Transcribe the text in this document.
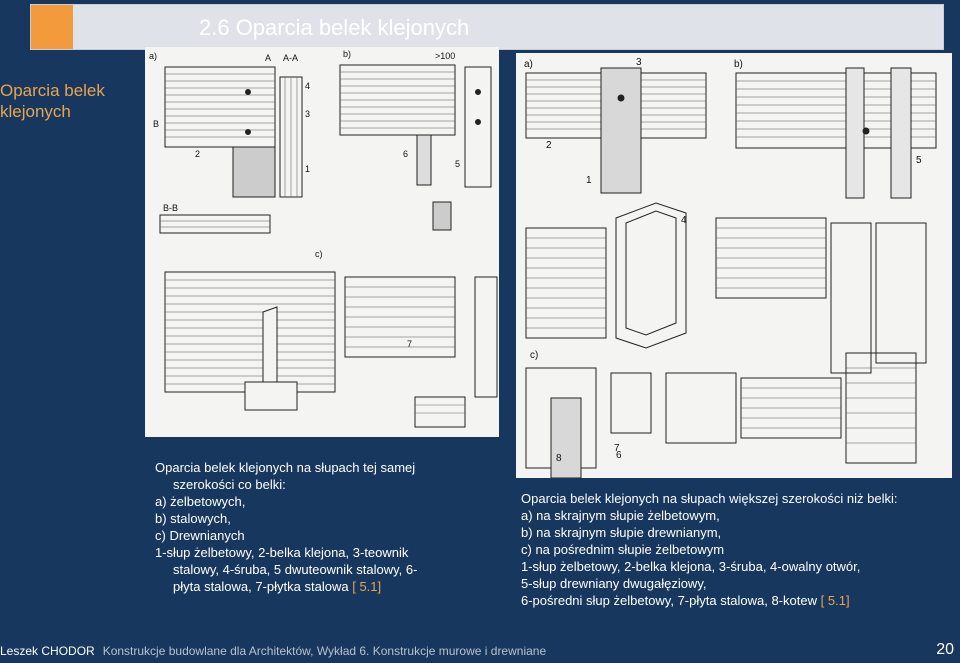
2.6 Oparcia belek klejonych
Oparcia belek klejonych
a)	b)
c)
A A-A
B
B-B
>100
1
2
3
4
5
6
7
a)	b)
c)
1
2
3
4
5
6
7
8
Oparcia belek klejonych na słupach tej samej
szerokości co belki:
a) żelbetowych,
b) stalowych,
c) Drewnianych
1-słup żelbetowy, 2-belka klejona, 3-teownik
stalowy, 4-śruba, 5 dwuteownik stalowy, 6-
płyta stalowa, 7-płytka stalowa [ 5.1]
Oparcia belek klejonych na słupach większej szerokości niż belki:
a) na skrajnym słupie żelbetowym,
b) na skrajnym słupie drewnianym,
c) na pośrednim słupie żelbetowym
1-słup żelbetowy, 2-belka klejona, 3-śruba, 4-owalny otwór,
5-słup drewniany dwugałęziowy,
6-pośredni słup żelbetowy, 7-płyta stalowa, 8-kotew [ 5.1]
Leszek CHODOR Konstrukcje budowlane dla Architektów, Wykład 6. Konstrukcje murowe i drewniane	20
